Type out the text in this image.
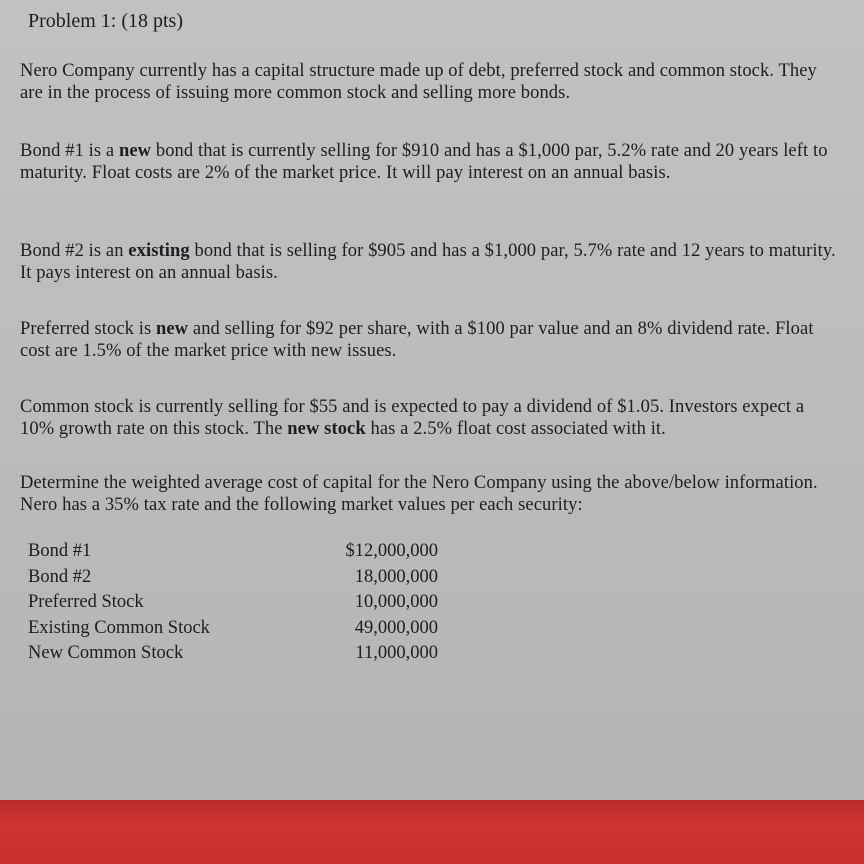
Problem 1: (18 pts)
Nero Company currently has a capital structure made up of debt, preferred stock and common stock. They are in the process of issuing more common stock and selling more bonds.
Bond #1 is a new bond that is currently selling for $910 and has a $1,000 par, 5.2% rate and 20 years left to maturity. Float costs are 2% of the market price. It will pay interest on an annual basis.
Bond #2 is an existing bond that is selling for $905 and has a $1,000 par, 5.7% rate and 12 years to maturity. It pays interest on an annual basis.
Preferred stock is new and selling for $92 per share, with a $100 par value and an 8% dividend rate. Float cost are 1.5% of the market price with new issues.
Common stock is currently selling for $55 and is expected to pay a dividend of $1.05. Investors expect a 10% growth rate on this stock. The new stock has a 2.5% float cost associated with it.
Determine the weighted average cost of capital for the Nero Company using the above/below information. Nero has a 35% tax rate and the following market values per each security:
Bond #1	$12,000,000
Bond #2	18,000,000
Preferred Stock	10,000,000
Existing Common Stock	49,000,000
New Common Stock	11,000,000
